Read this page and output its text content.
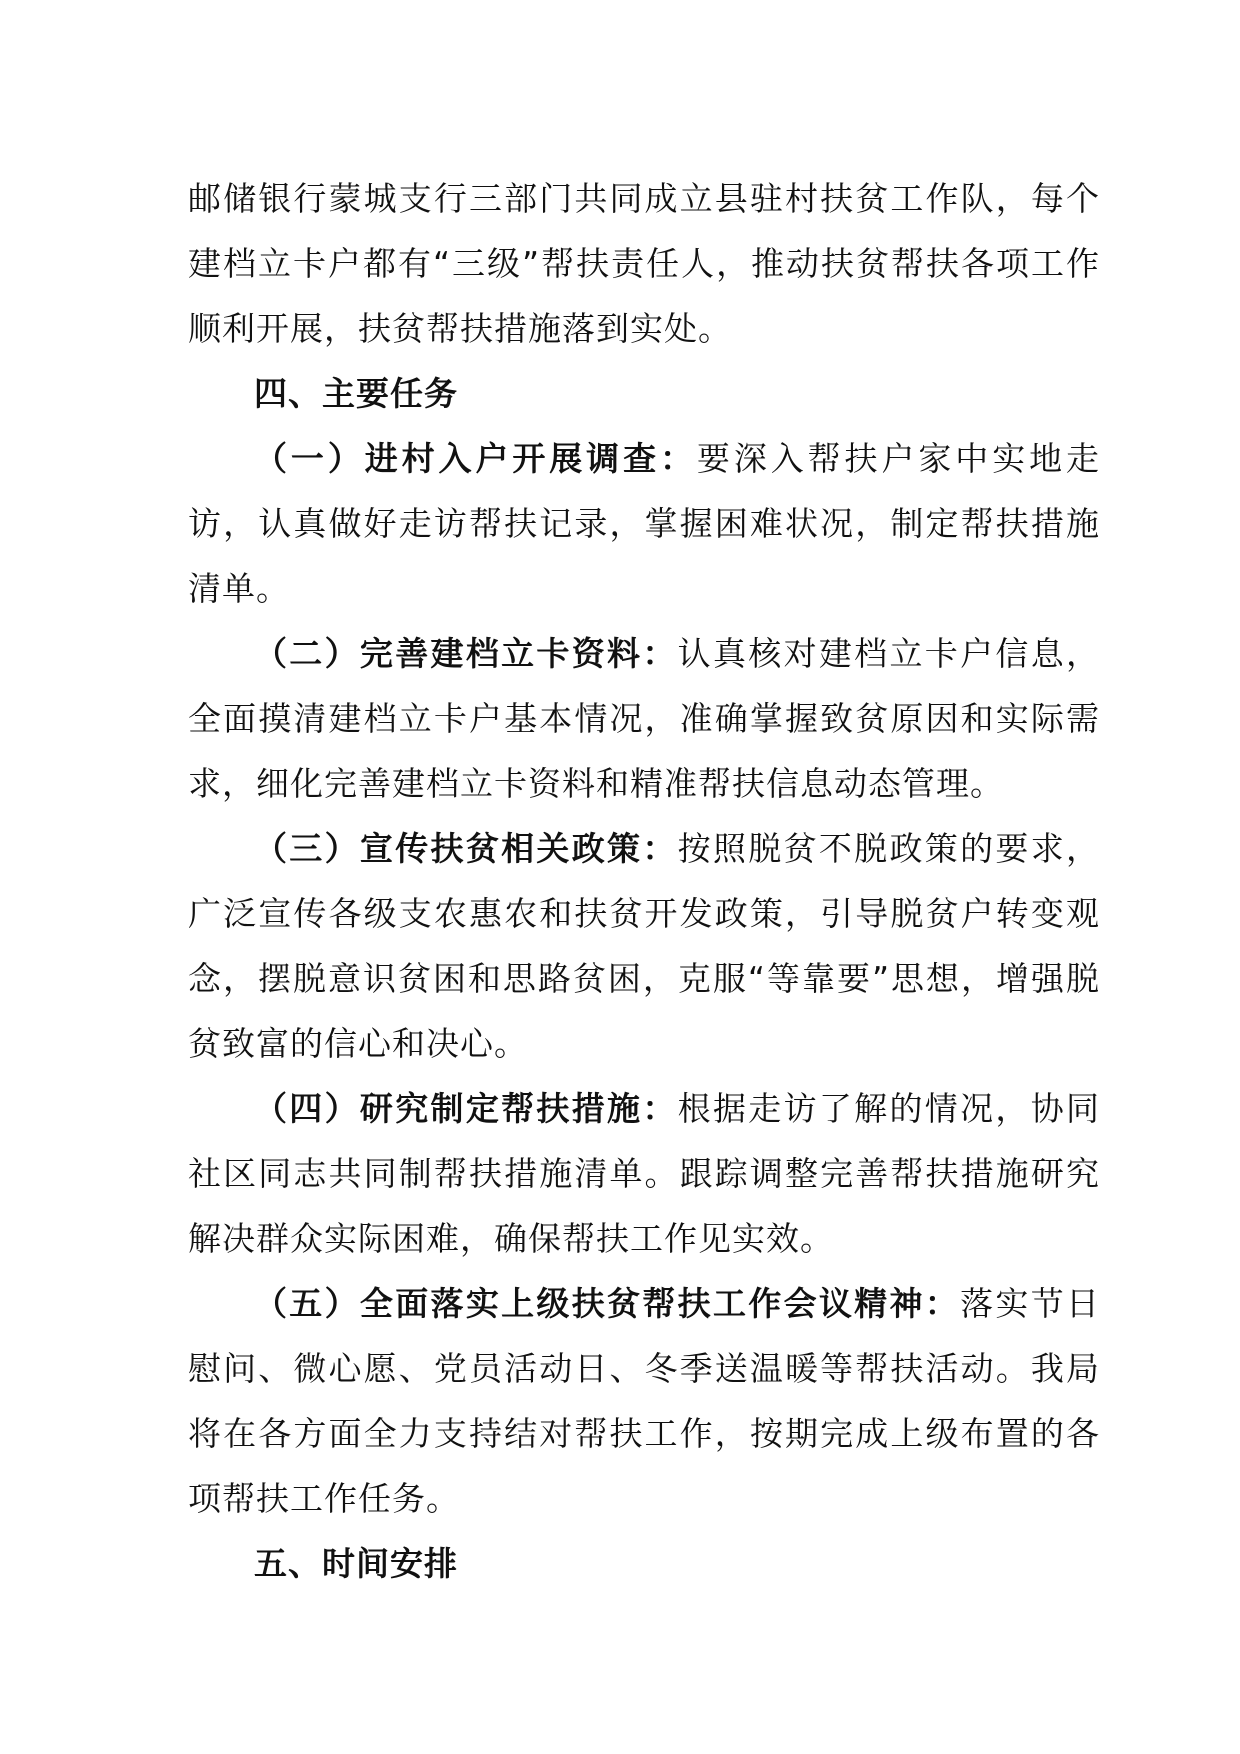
邮储银行蒙城支行三部门共同成立县驻村扶贫工作队，每个建档立卡户都有“三级”帮扶责任人，推动扶贫帮扶各项工作顺利开展，扶贫帮扶措施落到实处。

四、主要任务

（一）进村入户开展调查：要深入帮扶户家中实地走访，认真做好走访帮扶记录，掌握困难状况，制定帮扶措施清单。

（二）完善建档立卡资料：认真核对建档立卡户信息，全面摸清建档立卡户基本情况，准确掌握致贫原因和实际需求，细化完善建档立卡资料和精准帮扶信息动态管理。

（三）宣传扶贫相关政策：按照脱贫不脱政策的要求，广泛宣传各级支农惠农和扶贫开发政策，引导脱贫户转变观念，摆脱意识贫困和思路贫困，克服“等靠要”思想，增强脱贫致富的信心和决心。

（四）研究制定帮扶措施：根据走访了解的情况，协同社区同志共同制帮扶措施清单。跟踪调整完善帮扶措施研究解决群众实际困难，确保帮扶工作见实效。

（五）全面落实上级扶贫帮扶工作会议精神：落实节日慰问、微心愿、党员活动日、冬季送温暖等帮扶活动。我局将在各方面全力支持结对帮扶工作，按期完成上级布置的各项帮扶工作任务。

五、时间安排
